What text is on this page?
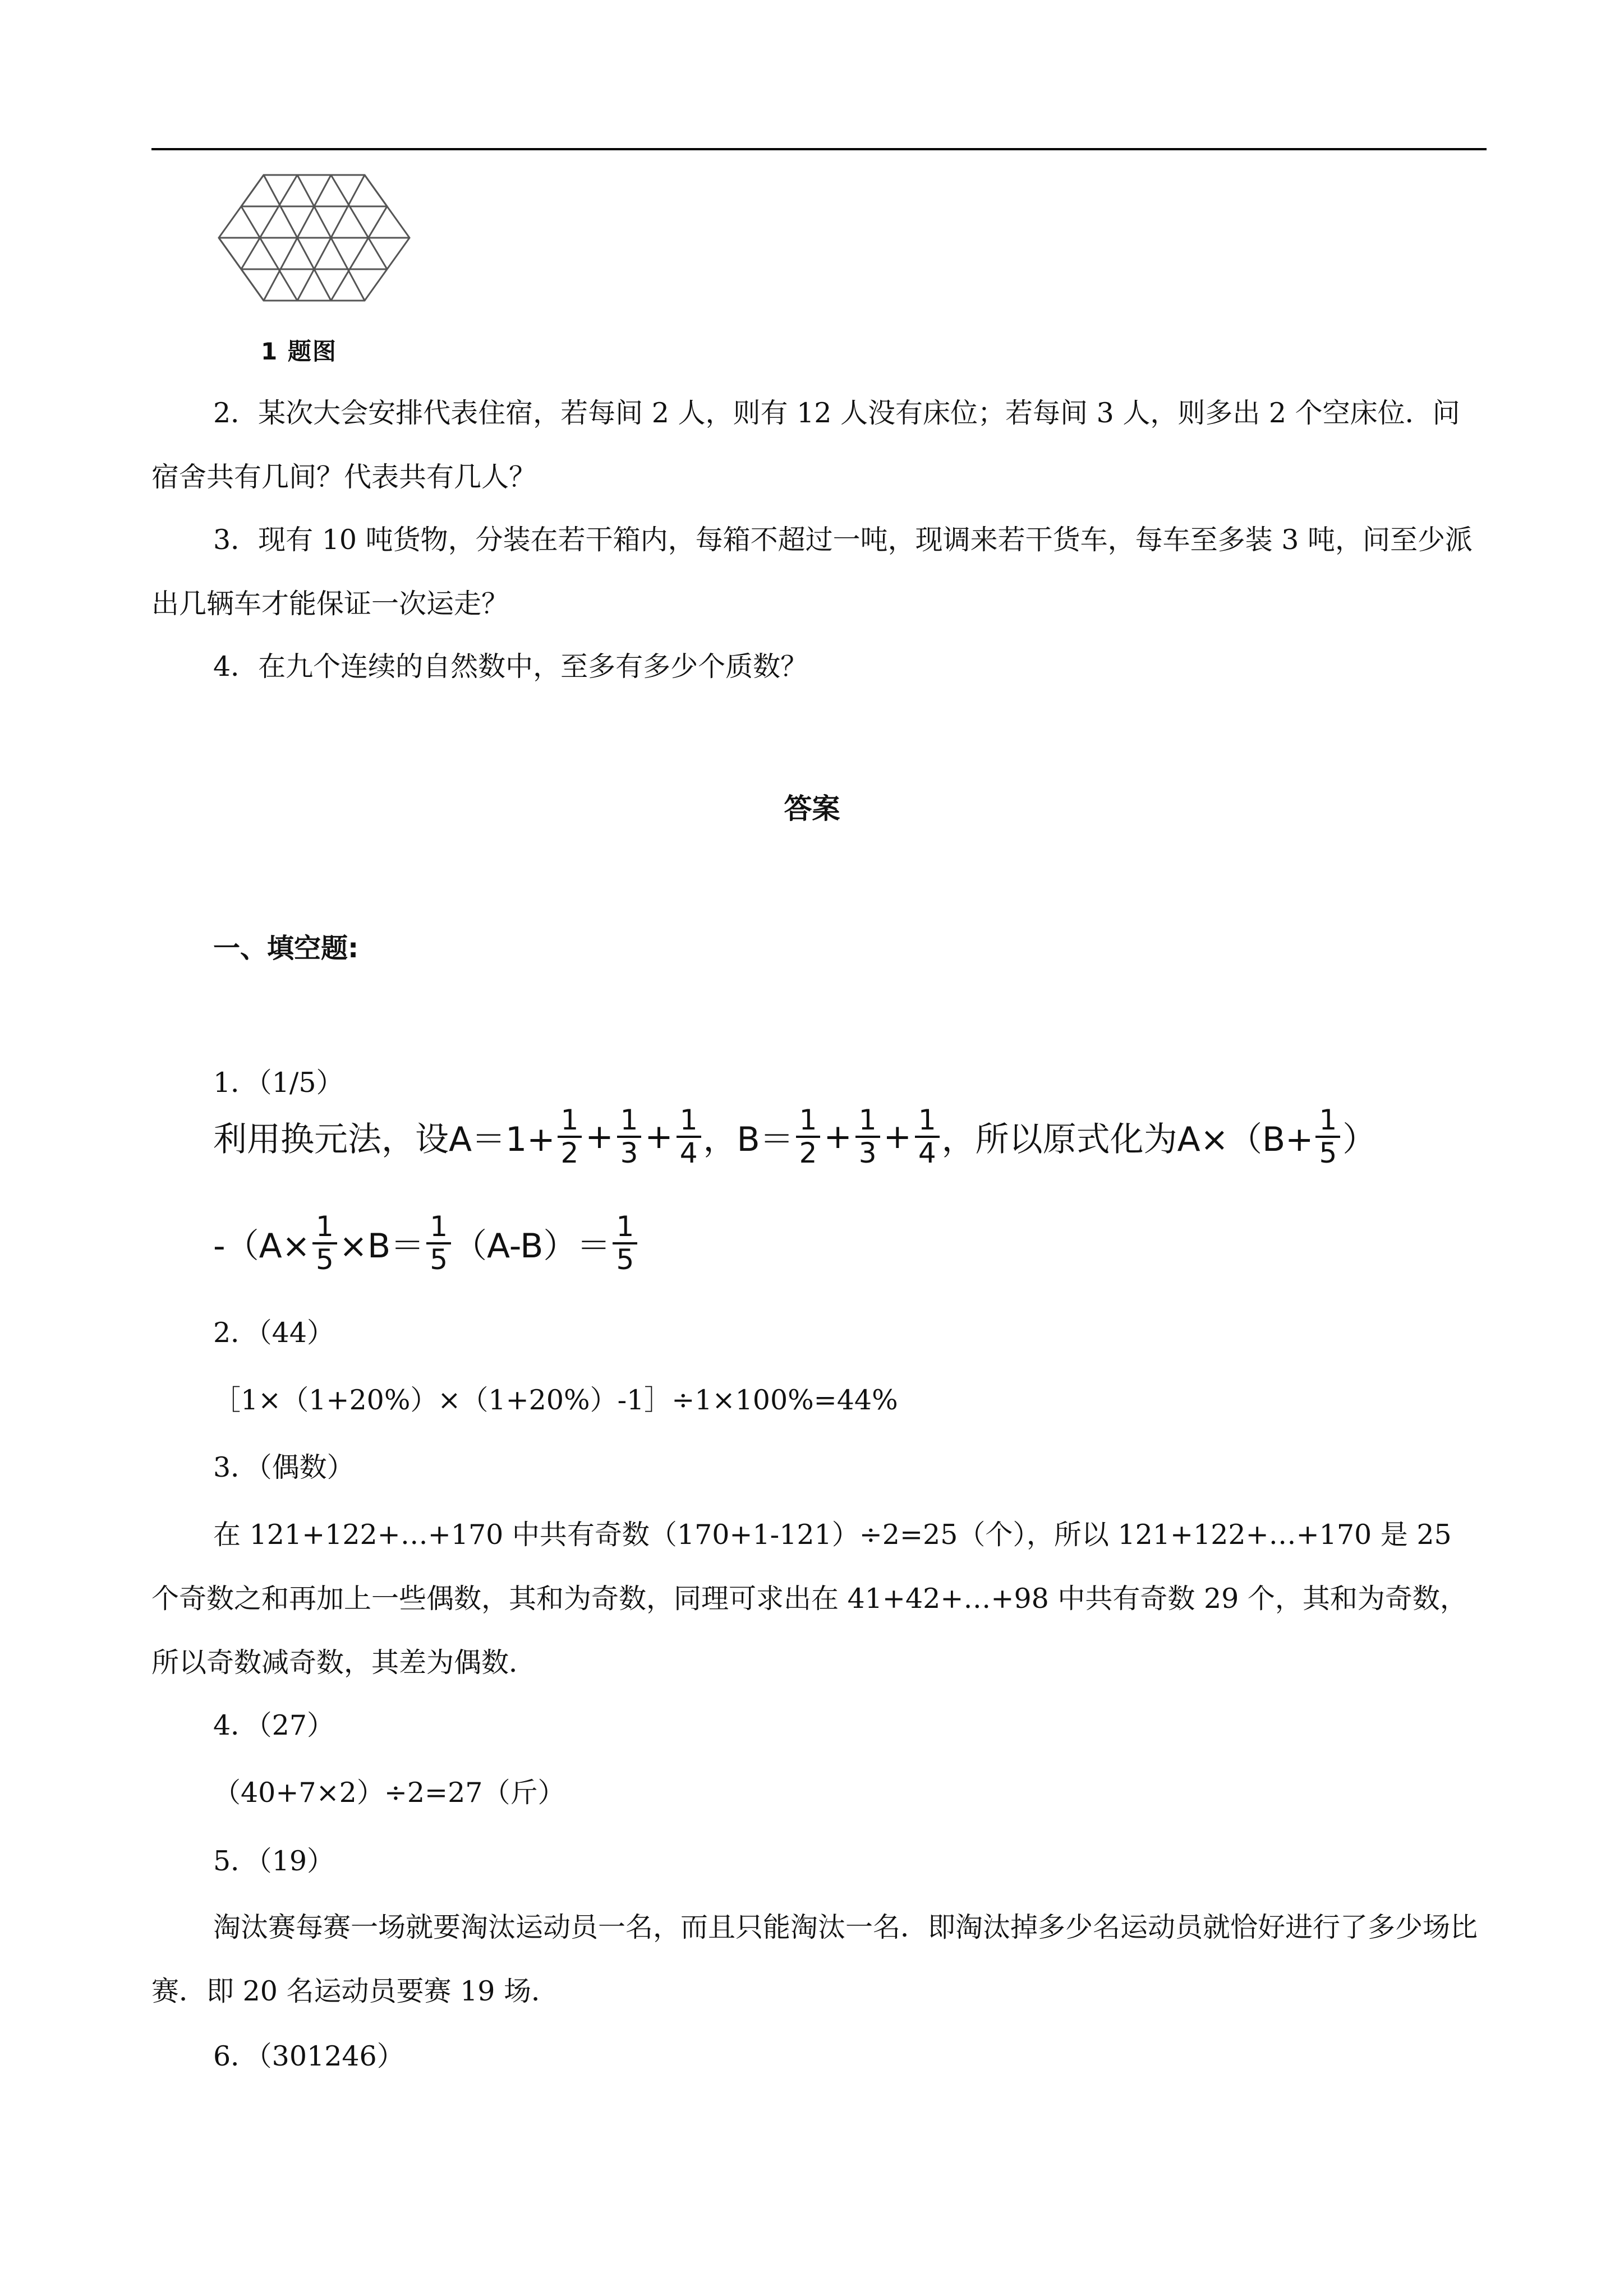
1 题图
2．某次大会安排代表住宿，若每间 2 人，则有 12 人没有床位；若每间 3 人，则多出 2 个空床位．问宿舍共有几间？代表共有几人？
3．现有 10 吨货物，分装在若干箱内，每箱不超过一吨，现调来若干货车，每车至多装 3 吨，问至少派出几辆车才能保证一次运走？
4．在九个连续的自然数中，至多有多少个质数？
答案
一、填空题:
1．（1/5）
利用换元法，设$A=1+ \frac{1}{2} + \frac{1}{3} + \frac{1}{4}$ ，$B= \frac{1}{2} + \frac{1}{3} + \frac{1}{4}$ ，所以原式化为$A\times(B+ \frac{1}{5}$ ）
$-(A\times \frac{1}{5} \times B= \frac{1}{5} (A-B)= \frac{1}{5}$
2．（44）
［1×（1+20%）×（1+20%）-1］÷1×100%=44%
3．（偶数）
在 121+122+…+170 中共有奇数（170+1-121）÷2=25（个），所以 121+122+…+170 是 25 个奇数之和再加上一些偶数，其和为奇数，同理可求出在 41+42+…+98 中共有奇数 29 个，其和为奇数，所以奇数减奇数，其差为偶数．
4．（27）
（40+7×2）÷2=27（斤）
5．（19）
淘汰赛每赛一场就要淘汰运动员一名，而且只能淘汰一名．即淘汰掉多少名运动员就恰好进行了多少场比赛．即 20 名运动员要赛 19 场．
6．（301246）
